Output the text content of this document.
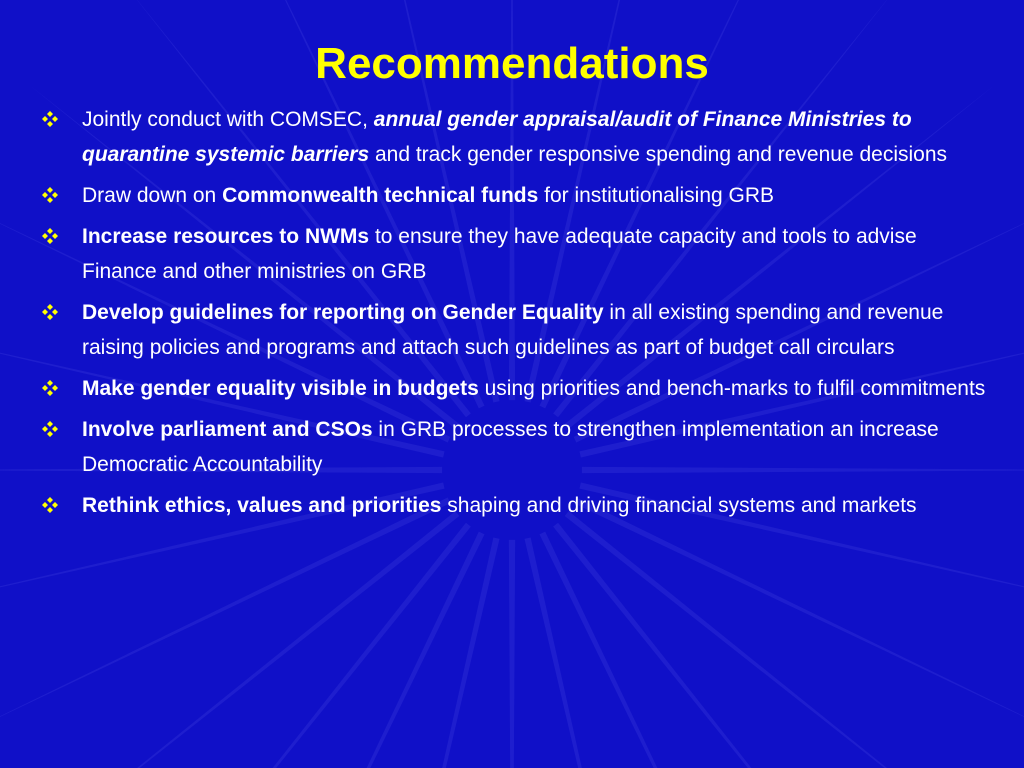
Recommendations
Jointly conduct with COMSEC, annual gender appraisal/audit of Finance Ministries to quarantine systemic barriers and track gender responsive spending and revenue decisions
Draw down on Commonwealth technical funds for institutionalising GRB
Increase resources to NWMs to ensure they have adequate capacity and tools to advise Finance and other ministries on GRB
Develop guidelines for reporting on Gender Equality in all existing spending and revenue raising policies and programs and attach such guidelines as part of budget call circulars
Make gender equality visible in budgets using priorities and bench-marks to fulfil commitments
Involve parliament and CSOs in GRB processes to strengthen implementation an increase Democratic Accountability
Rethink ethics, values and priorities shaping and driving financial systems and markets
